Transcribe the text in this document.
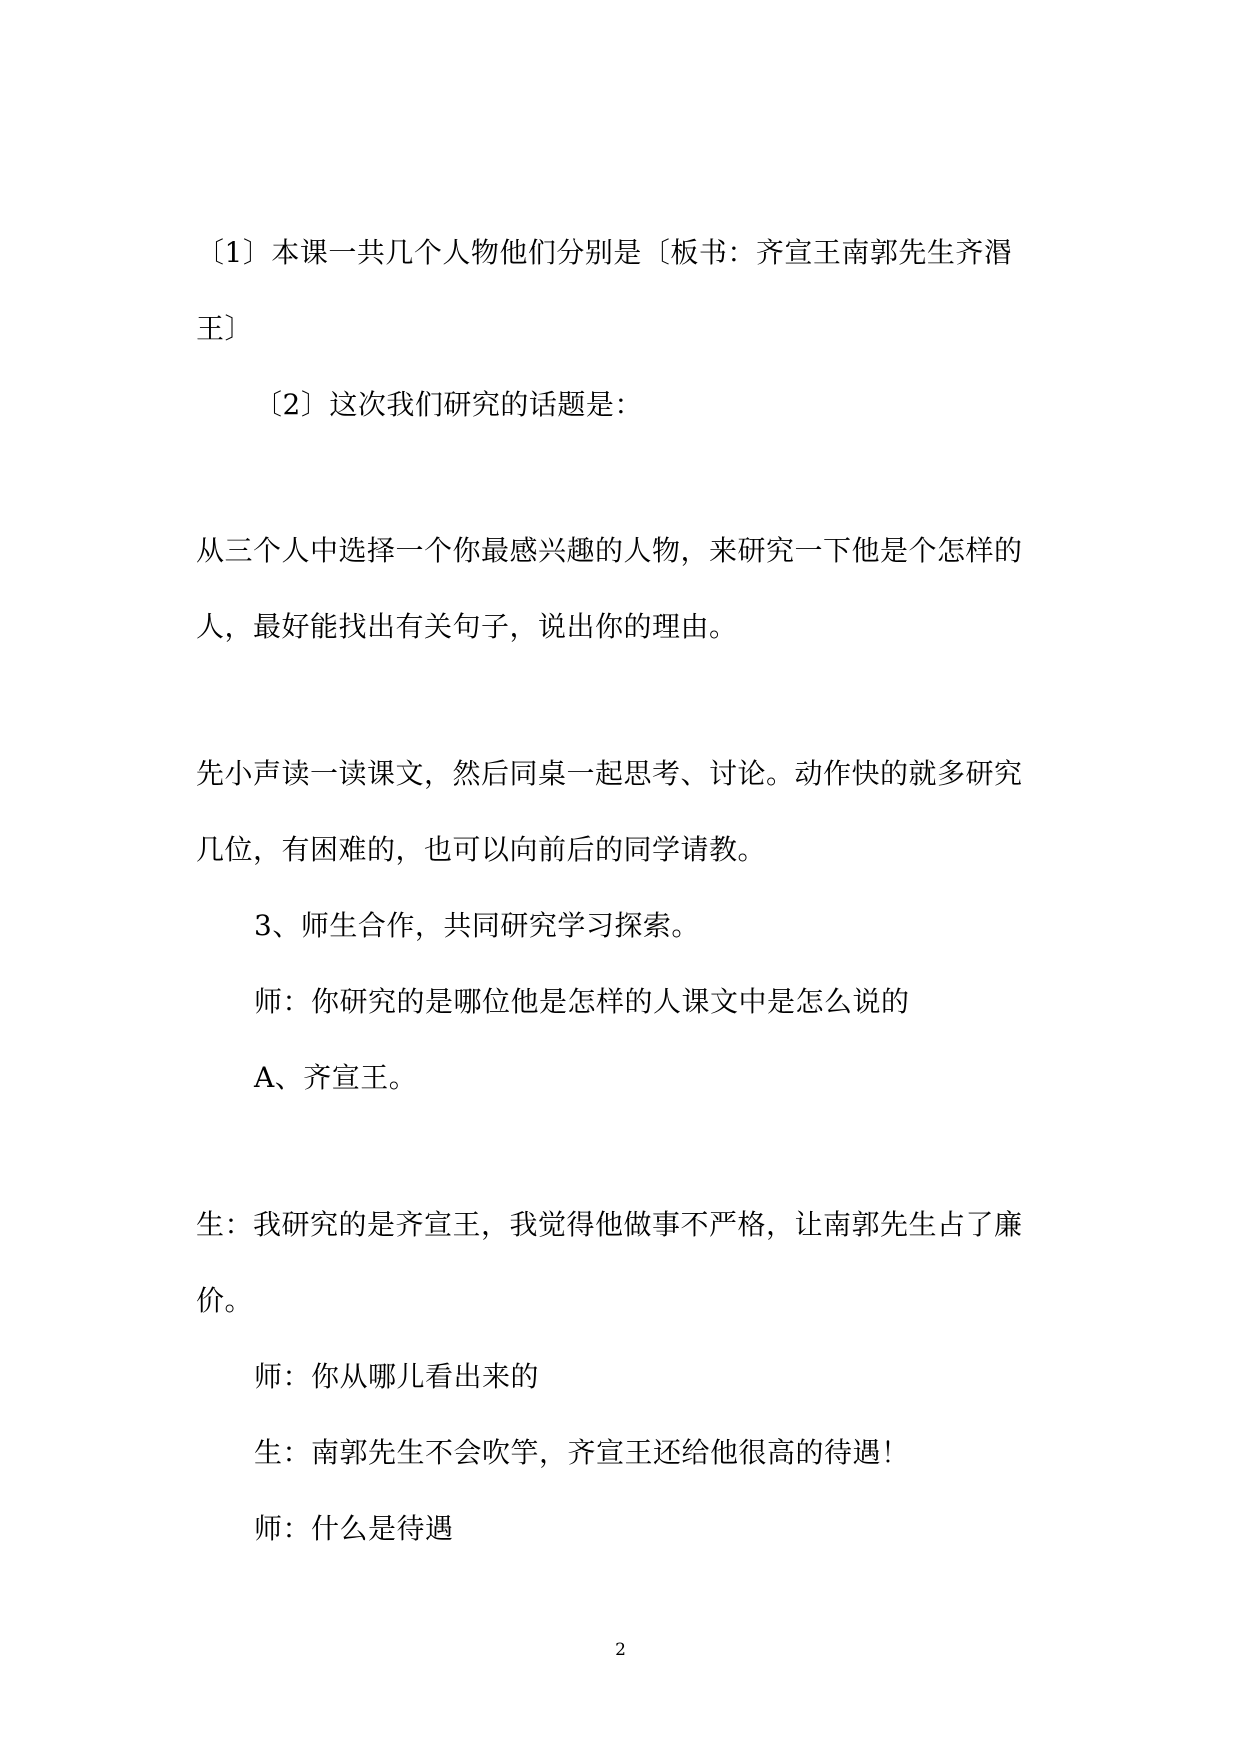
〔1〕本课一共几个人物他们分别是〔板书：齐宣王南郭先生齐湣
王〕
〔2〕这次我们研究的话题是：
从三个人中选择一个你最感兴趣的人物，来研究一下他是个怎样的
人，最好能找出有关句子，说出你的理由。
先小声读一读课文，然后同桌一起思考、讨论。动作快的就多研究
几位，有困难的，也可以向前后的同学请教。
3、师生合作，共同研究学习探索。
师：你研究的是哪位他是怎样的人课文中是怎么说的
A、齐宣王。
生：我研究的是齐宣王，我觉得他做事不严格，让南郭先生占了廉
价。
师：你从哪儿看出来的
生：南郭先生不会吹竽，齐宣王还给他很高的待遇！
师：什么是待遇
2
